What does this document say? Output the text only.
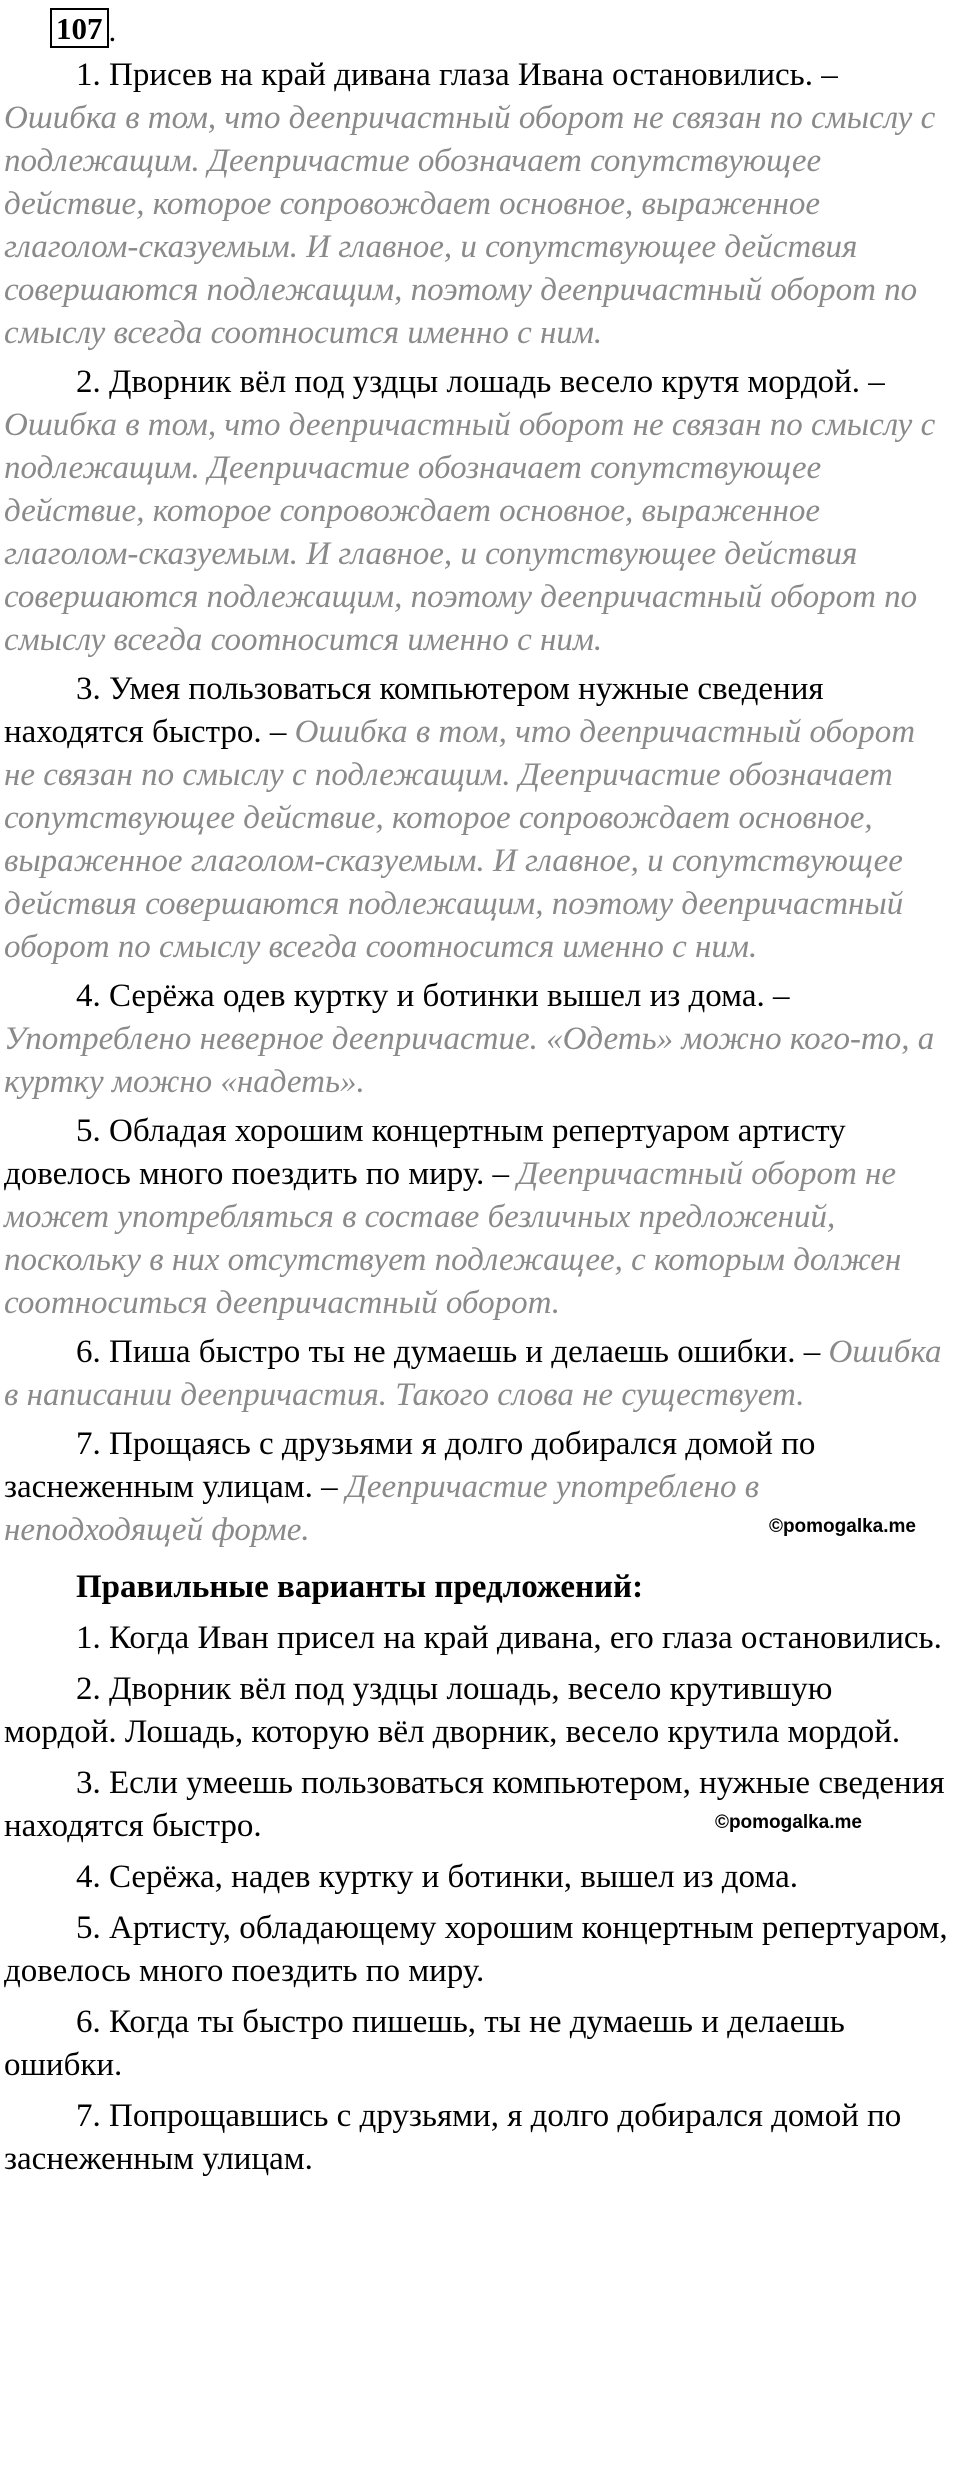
107 .

1. Присев на край дивана глаза Ивана остановились. – Ошибка в том, что деепричастный оборот не связан по смыслу с подлежащим. Деепричастие обозначает сопутствующее действие, которое сопровождает основное, выраженное глаголом-сказуемым. И главное, и сопутствующее действия совершаются подлежащим, поэтому деепричастный оборот по смыслу всегда соотносится именно с ним.

2. Дворник вёл под уздцы лошадь весело крутя мордой. – Ошибка в том, что деепричастный оборот не связан по смыслу с подлежащим. Деепричастие обозначает сопутствующее действие, которое сопровождает основное, выраженное глаголом-сказуемым. И главное, и сопутствующее действия совершаются подлежащим, поэтому деепричастный оборот по смыслу всегда соотносится именно с ним.

3. Умея пользоваться компьютером нужные сведения находятся быстро. – Ошибка в том, что деепричастный оборот не связан по смыслу с подлежащим. Деепричастие обозначает сопутствующее действие, которое сопровождает основное, выраженное глаголом-сказуемым. И главное, и сопутствующее действия совершаются подлежащим, поэтому деепричастный оборот по смыслу всегда соотносится именно с ним.

4. Серёжа одев куртку и ботинки вышел из дома. – Употреблено неверное деепричастие. «Одеть» можно кого-то, а куртку можно «надеть».

5. Обладая хорошим концертным репертуаром артисту довелось много поездить по миру. – Деепричастный оборот не может употребляться в составе безличных предложений, поскольку в них отсутствует подлежащее, с которым должен соотноситься деепричастный оборот.

6. Пиша быстро ты не думаешь и делаешь ошибки. – Ошибка в написании деепричастия. Такого слова не существует.

7. Прощаясь с друзьями я долго добирался домой по заснеженным улицам. – Деепричастие употреблено в неподходящей форме.	©pomogalka.me

Правильные варианты предложений:

1. Когда Иван присел на край дивана, его глаза остановились.

2. Дворник вёл под уздцы лошадь, весело крутившую мордой. Лошадь, которую вёл дворник, весело крутила мордой.

3. Если умеешь пользоваться компьютером, нужные сведения находятся быстро.	©pomogalka.me

4. Серёжа, надев куртку и ботинки, вышел из дома.

5. Артисту, обладающему хорошим концертным репертуаром, довелось много поездить по миру.

6. Когда ты быстро пишешь, ты не думаешь и делаешь ошибки.

7. Попрощавшись с друзьями, я долго добирался домой по заснеженным улицам.
